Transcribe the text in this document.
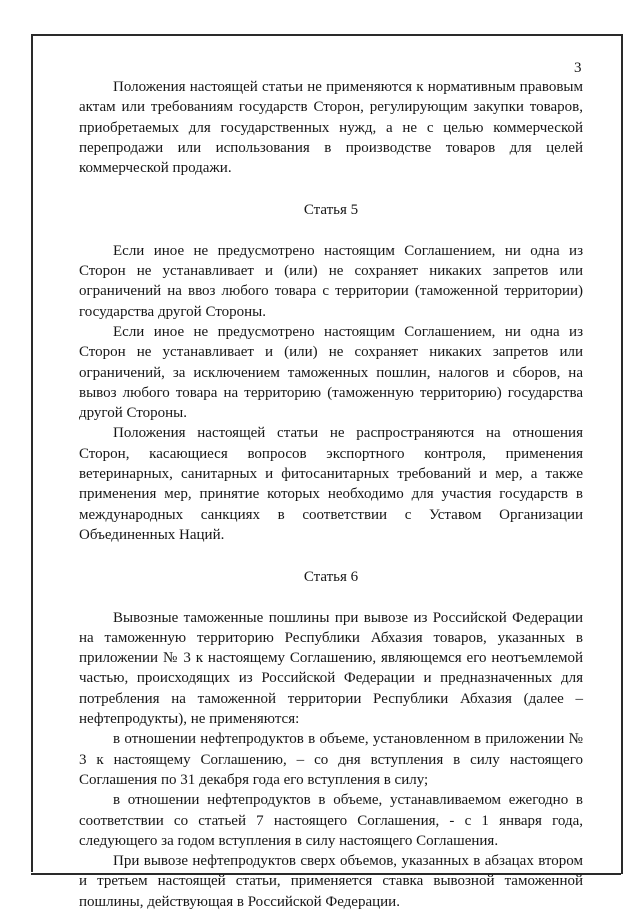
3

Положения настоящей статьи не применяются к нормативным правовым актам или требованиям государств Сторон, регулирующим закупки товаров, приобретаемых для государственных нужд, а не с целью коммерческой перепродажи или использования в производстве товаров для целей коммерческой продажи.

Статья 5

Если иное не предусмотрено настоящим Соглашением, ни одна из Сторон не устанавливает и (или) не сохраняет никаких запретов или ограничений на ввоз любого товара с территории (таможенной территории) государства другой Стороны.

Если иное не предусмотрено настоящим Соглашением, ни одна из Сторон не устанавливает и (или) не сохраняет никаких запретов или ограничений, за исключением таможенных пошлин, налогов и сборов, на вывоз любого товара на территорию (таможенную территорию) государства другой Стороны.

Положения настоящей статьи не распространяются на отношения Сторон, касающиеся вопросов экспортного контроля, применения ветеринарных, санитарных и фитосанитарных требований и мер, а также применения мер, принятие которых необходимо для участия государств в международных санкциях в соответствии с Уставом Организации Объединенных Наций.

Статья 6

Вывозные таможенные пошлины при вывозе из Российской Федерации на таможенную территорию Республики Абхазия товаров, указанных в приложении № 3 к настоящему Соглашению, являющемся его неотъемлемой частью, происходящих из Российской Федерации и предназначенных для потребления на таможенной территории Республики Абхазия (далее – нефтепродукты), не применяются:

в отношении нефтепродуктов в объеме, установленном в приложении № 3 к настоящему Соглашению, – со дня вступления в силу настоящего Соглашения по 31 декабря года его вступления в силу;

в отношении нефтепродуктов в объеме, устанавливаемом ежегодно в соответствии со статьей 7 настоящего Соглашения, - с 1 января года, следующего за годом вступления в силу настоящего Соглашения.

При вывозе нефтепродуктов сверх объемов, указанных в абзацах втором и третьем настоящей статьи, применяется ставка вывозной таможенной пошлины, действующая в Российской Федерации.
